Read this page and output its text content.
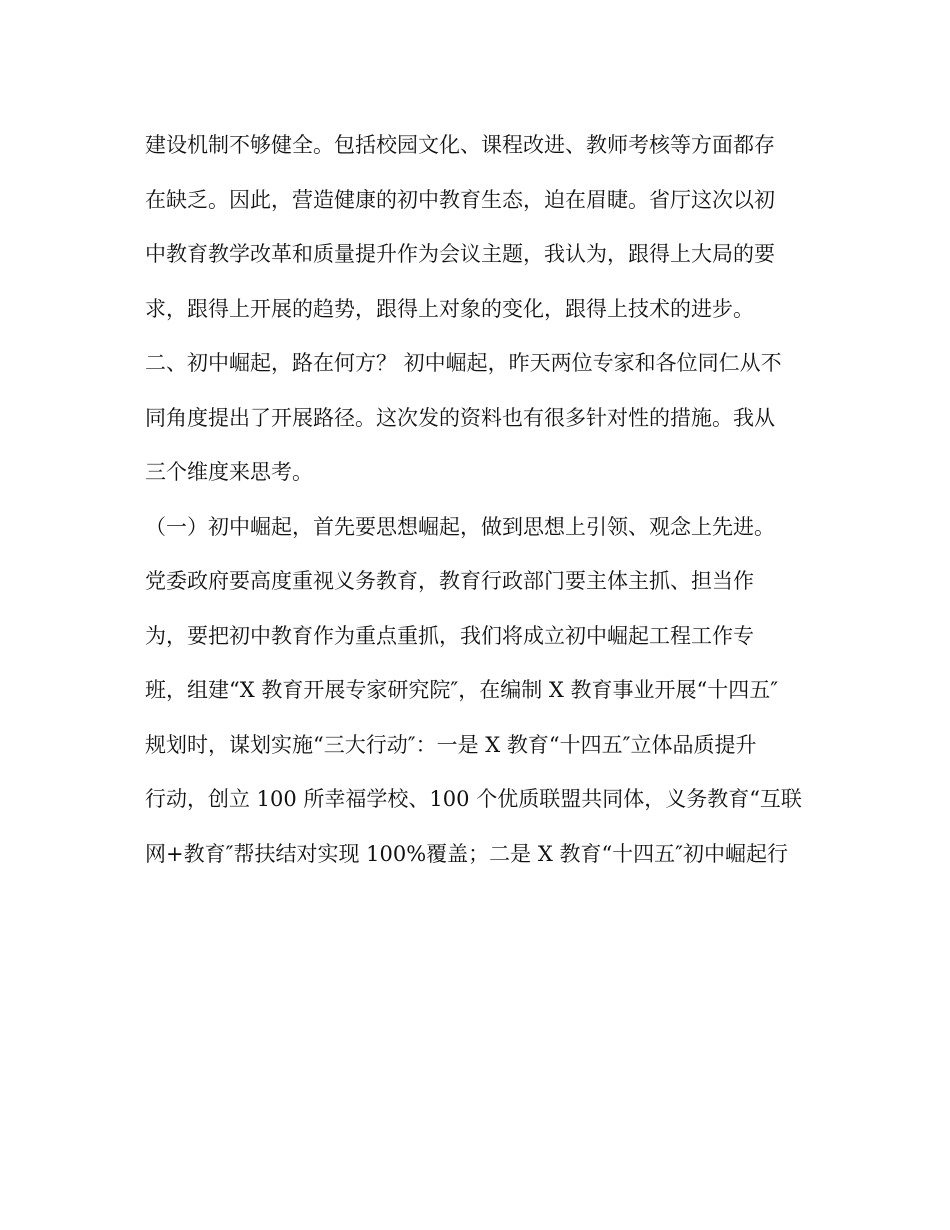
建设机制不够健全。包括校园文化、课程改进、教师考核等方面都存
在缺乏。因此，营造健康的初中教育生态，迫在眉睫。省厅这次以初
中教育教学改革和质量提升作为会议主题，我认为，跟得上大局的要
求，跟得上开展的趋势，跟得上对象的变化，跟得上技术的进步。
二、初中崛起，路在何方？ 初中崛起，昨天两位专家和各位同仁从不
同角度提出了开展路径。这次发的资料也有很多针对性的措施。我从
三个维度来思考。
（一）初中崛起，首先要思想崛起，做到思想上引领、观念上先进。
党委政府要高度重视义务教育，教育行政部门要主体主抓、担当作
为，要把初中教育作为重点重抓，我们将成立初中崛起工程工作专
班，组建“X 教育开展专家研究院″，在编制 X 教育事业开展“十四五″
规划时，谋划实施“三大行动″：一是 X 教育“十四五″立体品质提升
行动，创立 100 所幸福学校、100 个优质联盟共同体，义务教育“互联
网+教育″帮扶结对实现 100%覆盖；二是 X 教育“十四五″初中崛起行
